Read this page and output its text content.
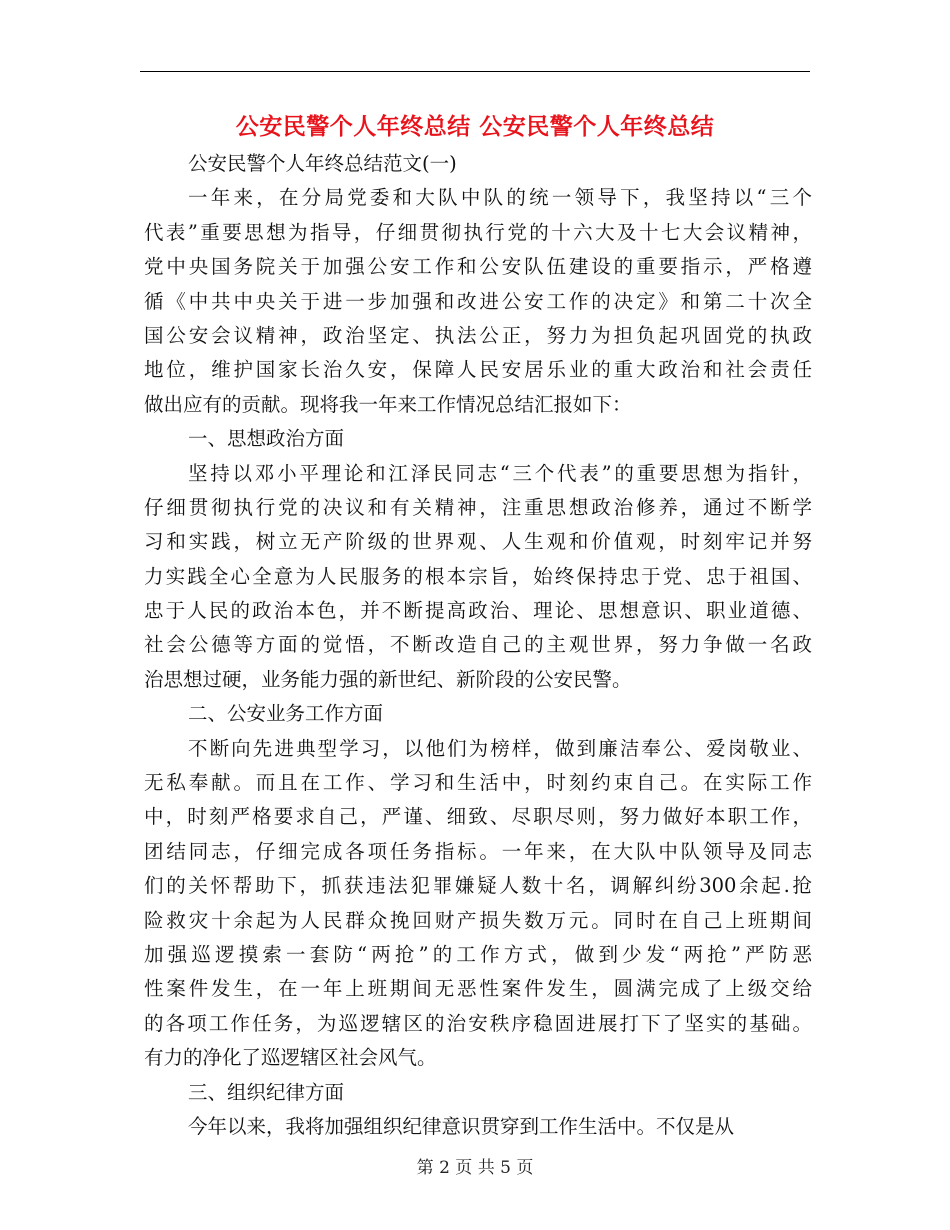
公安民警个人年终总结 公安民警个人年终总结
公安民警个人年终总结范文(一)
一年来，在分局党委和大队中队的统一领导下，我坚持以“三个
代表”重要思想为指导，仔细贯彻执行党的十六大及十七大会议精神，
党中央国务院关于加强公安工作和公安队伍建设的重要指示，严格遵
循《中共中央关于进一步加强和改进公安工作的决定》和第二十次全
国公安会议精神，政治坚定、执法公正，努力为担负起巩固党的执政
地位，维护国家长治久安，保障人民安居乐业的重大政治和社会责任
做出应有的贡献。现将我一年来工作情况总结汇报如下：
一、思想政治方面
坚持以邓小平理论和江泽民同志“三个代表”的重要思想为指针，
仔细贯彻执行党的决议和有关精神，注重思想政治修养，通过不断学
习和实践，树立无产阶级的世界观、人生观和价值观，时刻牢记并努
力实践全心全意为人民服务的根本宗旨，始终保持忠于党、忠于祖国、
忠于人民的政治本色，并不断提高政治、理论、思想意识、职业道德、
社会公德等方面的觉悟，不断改造自己的主观世界，努力争做一名政
治思想过硬，业务能力强的新世纪、新阶段的公安民警。
二、公安业务工作方面
不断向先进典型学习，以他们为榜样，做到廉洁奉公、爱岗敬业、
无私奉献。而且在工作、学习和生活中，时刻约束自己。在实际工作
中，时刻严格要求自己，严谨、细致、尽职尽则，努力做好本职工作，
团结同志，仔细完成各项任务指标。一年来，在大队中队领导及同志
们的关怀帮助下，抓获违法犯罪嫌疑人数十名，调解纠纷300余起.抢
险救灾十余起为人民群众挽回财产损失数万元。同时在自己上班期间
加强巡逻摸索一套防“两抢”的工作方式，做到少发“两抢”严防恶
性案件发生，在一年上班期间无恶性案件发生，圆满完成了上级交给
的各项工作任务，为巡逻辖区的治安秩序稳固进展打下了坚实的基础。
有力的净化了巡逻辖区社会风气。
三、组织纪律方面
今年以来，我将加强组织纪律意识贯穿到工作生活中。不仅是从
第 2 页 共 5 页
